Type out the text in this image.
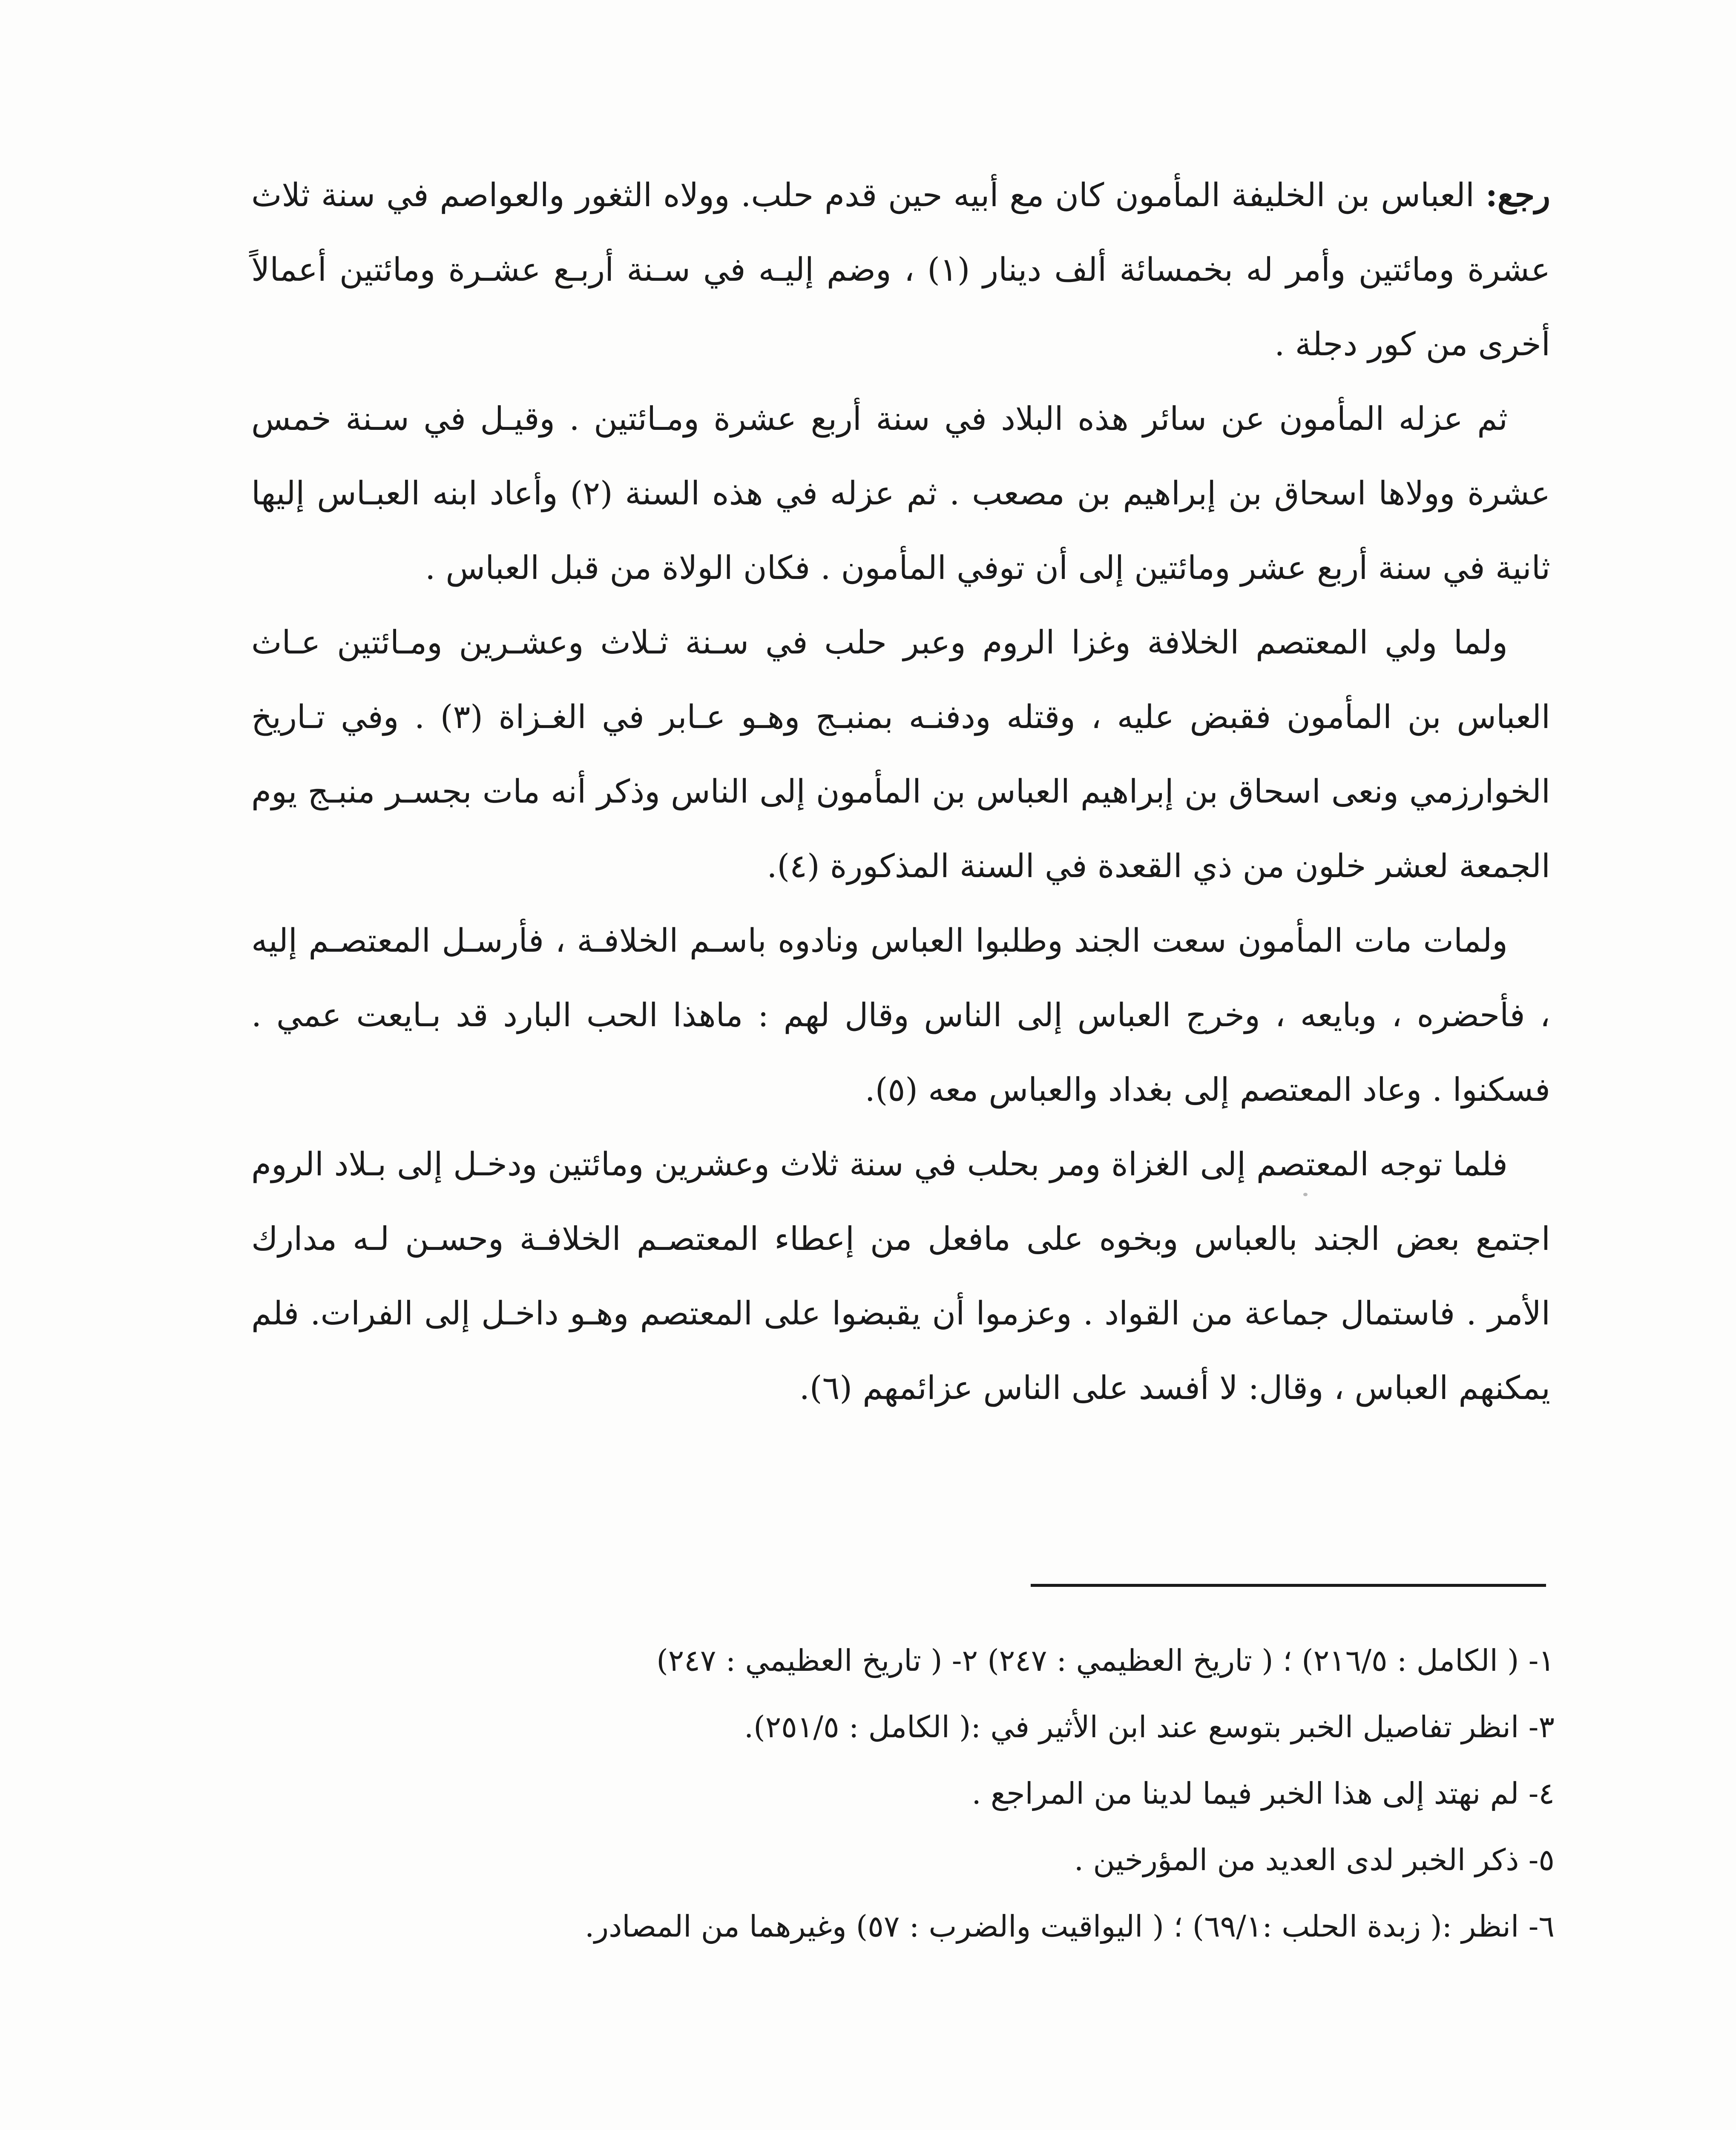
رجع: العباس بن الخليفة المأمون كان مع أبيه حين قدم حلب. وولاه الثغور والعواصم في سنة ثلاث عشرة ومائتين وأمر له بخمسائة ألف دينار (١) ، وضم إليـه في سـنة أربـع عشـرة ومائتين أعمالاً أخرى من كور دجلة .

ثم عزله المأمون عن سائر هذه البلاد في سنة أربع عشرة ومـائتين . وقيـل في سـنة خمس عشرة وولاها اسحاق بن إبراهيم بن مصعب . ثم عزله في هذه السنة (٢) وأعاد ابنه العبـاس إليها ثانية في سنة أربع عشر ومائتين إلى أن توفي المأمون . فكان الولاة من قبل العباس .

ولما ولي المعتصم الخلافة وغزا الروم وعبر حلب في سـنة ثـلاث وعشـرين ومـائتين عـاث العباس بن المأمون فقبض عليه ، وقتله ودفنـه بمنبـج وهـو عـابر في الغـزاة (٣) . وفي تـاريخ الخوارزمي ونعى اسحاق بن إبراهيم العباس بن المأمون إلى الناس وذكر أنه مات بجسـر منبـج يوم الجمعة لعشر خلون من ذي القعدة في السنة المذكورة (٤).

ولمات مات المأمون سعت الجند وطلبوا العباس ونادوه باسـم الخلافـة ، فأرسـل المعتصـم إليه ، فأحضره ، وبايعه ، وخرج العباس إلى الناس وقال لهم : ماهذا الحب البارد قد بـايعت عمي . فسكنوا . وعاد المعتصم إلى بغداد والعباس معه (٥).

فلما توجه المعتصم إلى الغزاة ومر بحلب في سنة ثلاث وعشرين ومائتين ودخـل إلى بـلاد الروم اجتمع بعض الجند بالعباس وبخوه على مافعل من إعطاء المعتصـم الخلافـة وحسـن لـه مدارك الأمر . فاستمال جماعة من القواد . وعزموا أن يقبضوا على المعتصم وهـو داخـل إلى الفرات. فلم يمكنهم العباس ، وقال: لا أفسد على الناس عزائمهم (٦).

١- ( الكامل : ٢١٦/٥) ؛ ( تاريخ العظيمي : ٢٤٧) ٢- ( تاريخ العظيمي : ٢٤٧)

٣- انظر تفاصيل الخبر بتوسع عند ابن الأثير في :( الكامل : ٢٥١/٥).

٤- لم نهتد إلى هذا الخبر فيما لدينا من المراجع .

٥- ذكر الخبر لدى العديد من المؤرخين .

٦- انظر :( زبدة الحلب :٦٩/١) ؛ ( اليواقيت والضرب : ٥٧) وغيرهما من المصادر.
